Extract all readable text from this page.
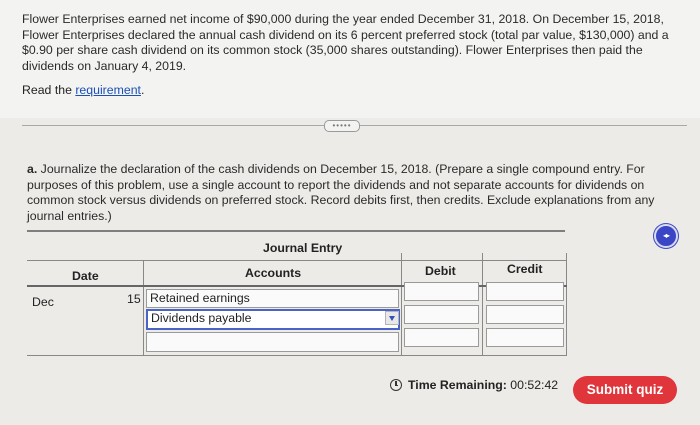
Flower Enterprises earned net income of $90,000 during the year ended December 31, 2018. On December 15, 2018, Flower Enterprises declared the annual cash dividend on its 6 percent preferred stock (total par value, $130,000) and a $0.90 per share cash dividend on its common stock (35,000 shares outstanding). Flower Enterprises then paid the dividends on January 4, 2019.
Read the requirement.
•••••
a. Journalize the declaration of the cash dividends on December 15, 2018. (Prepare a single compound entry. For purposes of this problem, use a single account to report the dividends and not separate accounts for dividends on common stock versus dividends on preferred stock. Record debits first, then credits. Exclude explanations from any journal entries.)
◂▸
Journal Entry
Date	Accounts	Debit	Credit
Dec	15 Retained earnings
Dividends payable
Time Remaining: 00:52:42	Submit quiz
